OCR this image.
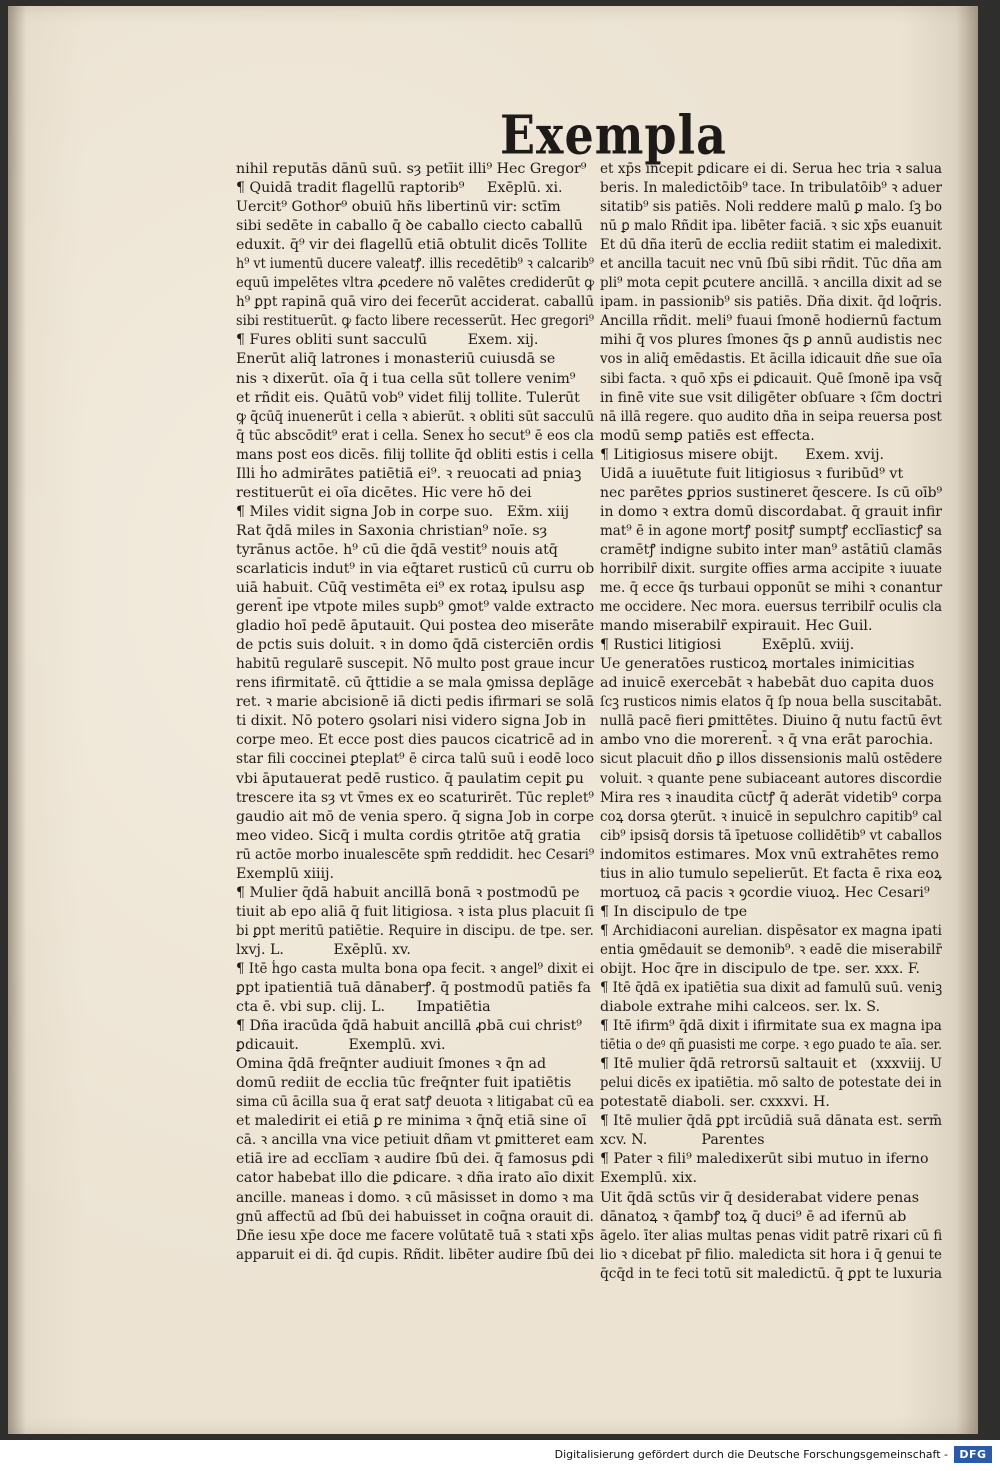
Exempla
nihil reputās dānū suū. sȝ petīit illi⁹ Hec Gregor⁹
¶ Quidā tradit flagellū raptorib⁹     Exēplū. xi.
Uercit⁹ Gothor⁹ obuiū hñs libertinū vir: sctīm
sibi sedēte in caballo q̄ ꝺe caballo ciecto caballū
eduxit. q̄⁹ vir dei flagellū etiā obtulit dicēs Tollite
h⁹ vt iumentū ducere valeatꝭ. illis recedētib⁹ ꝛ calcarib⁹
equū impelētes vltra ꝓcedere nō valētes crediderūt ꝙ
h⁹ ꝑpt rapinā quā viro dei fecerūt acciderat. caballū
sibi restituerūt. ꝙ facto libere recesserūt. Hec gregori⁹
¶ Fures obliti sunt sacculū         Exem. xij.
Enerūt aliq̄ latrones i monasteriū cuiusdā se
nis ꝛ dixerūt. oīa q̄ i tua cella sūt tollere venim⁹
et rñdit eis. Quātū vob⁹ videt filij tollite. Tulerūt
ꝙ q̄cūq̄ inuenerūt i cella ꝛ abierūt. ꝛ obliti sūt sacculū
q̄ tūc abscōdit⁹ erat i cella. Senex ḣo secut⁹ ē eos cla
mans post eos dicēs. filij tollite q̄d obliti estis i cella
Illi ḣo admirātes patiētiā ei⁹. ꝛ reuocati ad pniaꝫ
restituerūt ei oīa dicētes. Hic vere hō dei
¶ Miles vidit signa Job in corpe suo.   Ex̄m. xiij
Rat q̄dā miles in Saxonia christian⁹ noīe. sȝ
tyrānus actōe. h⁹ cū die q̄dā vestit⁹ nouis atq̄
scarlaticis indut⁹ in via eq̄taret rusticū cū curru ob
uiā habuit. Cūq̄ vestimēta ei⁹ ex rotaꝝ ipulsu asꝑ
gerent̄ ipe vtpote miles supb⁹ ꝯmot⁹ valde extracto
gladio hoī pedē āputauit. Qui postea deo miserāte
de pctis suis doluit. ꝛ in domo q̄dā cisterciēn ordis
habitū regularē suscepit. Nō multo post graue incur
rens ifirmitatē. cū q̄ttidie a se mala ꝯmissa deplāge
ret. ꝛ marie abcisionē iā dicti pedis ifirmari se solā
ti dixit. Nō potero ꝯsolari nisi videro signa Job in
corpe meo. Et ecce post dies paucos cicatricē ad in
star fili coccinei ꝑteplat⁹ ē circa talū suū i eodē loco
vbi āputauerat pedē rustico. q̄ paulatim cepit ꝑu
trescere ita sȝ vt v̄mes ex eo scaturirēt. Tūc replet⁹
gaudio ait mō de venia spero. q̄ signa Job in corpe
meo video. Sicq̄ i multa cordis ꝯtritōe atq̄ gratia
rū actōe morbo inualescēte spm̄ reddidit. hec Cesari⁹
Exemplū xiiij.
¶ Mulier q̄dā habuit ancillā bonā ꝛ postmodū pe
tiuit ab epo aliā q̄ fuit litigiosa. ꝛ ista plus placuit ſi
bi ꝑpt meritū patiētie. Require in discipu. de tpe. ser.
lxvj. L.           Exēplū. xv.
¶ Itē ḣgo casta multa bona opa fecit. ꝛ angel⁹ dixit ei
ꝑpt ipatientiā tuā dānaberꝭ. q̄ postmodū patiēs fa
cta ē. vbi sup. clij. L.       Impatiētia
¶ Dña iracūda q̄dā habuit ancillā ꝓbā cui christ⁹
ꝑdicauit.           Exemplū. xvi.
Omina q̄dā freq̄nter audiuit ſmones ꝛ q̄n ad
domū rediit de ecclia tūc freq̄nter fuit ipatiētis
sima cū ācilla sua q̄ erat satꝭ deuota ꝛ litigabat cū ea
et maledirit ei etiā ꝑ re minima ꝛ q̄nq̄ etiā sine oī
cā. ꝛ ancilla vna vice petiuit dñam vt ꝑmitteret eam
etiā ire ad ecclīam ꝛ audire ſbū dei. q̄ famosus ꝑdi
cator habebat illo die ꝑdicare. ꝛ dña irato aīo dixit
ancille. maneas i domo. ꝛ cū māsisset in domo ꝛ ma
gnū affectū ad ſbū dei habuisset in coq̄na orauit di.
Dñe iesu xp̄e doce me facere volūtatē tuā ꝛ stati xp̄s
apparuit ei di. q̄d cupis. Rñdit. libēter audire ſbū dei
et xp̄s incepit ꝑdicare ei di. Serua hec tria ꝛ salua
beris. In maledictōib⁹ tace. In tribulatōib⁹ ꝛ aduer
sitatib⁹ sis patiēs. Noli reddere malū ꝑ malo. ſꝫ bo
nū ꝑ malo Rñdit ipa. libēter faciā. ꝛ sic xp̄s euanuit
Et dū dña iterū de ecclia rediit statim ei maledixit.
et ancilla tacuit nec vnū ſbū sibi rñdit. Tūc dña am
pli⁹ mota cepit ꝑcutere ancillā. ꝛ ancilla dixit ad se
ipam. in passionib⁹ sis patiēs. Dña dixit. q̄d loq̄ris.
Ancilla rñdit. meli⁹ fuaui ſmonē hodiernū factum
mihi q̄ vos plures ſmones q̄s ꝑ annū audistis nec
vos in aliq̄ emēdastis. Et ācilla idicauit dñe sue oīa
sibi facta. ꝛ quō xp̄s ei ꝑdicauit. Quē ſmonē ipa vsq̄
in finē vite sue vsit diligēter obſuare ꝛ ſc̄m doctri
nā illā regere. quo audito dña in seipa reuersa post
modū semꝑ patiēs est effecta.
¶ Litigiosus misere obijt.      Exem. xvij.
Uidā a iuuētute fuit litigiosus ꝛ furibūd⁹ vt
nec parētes ꝑprios sustineret q̄escere. Is cū oīb⁹
in domo ꝛ extra domū discordabat. q̄ grauit infir
mat⁹ ē in agone mortꝭ positꝭ sumptꝭ ecclīasticꝭ sa
cramētꝭ indigne subito inter man⁹ astātiū clamās
horribilr̄ dixit. surgite offies arma accipite ꝛ iuuate
me. q̄ ecce q̄s turbaui opponūt se mihi ꝛ conantur
me occidere. Nec mora. euersus terribilr̄ oculis cla
mando miserabilr̄ expirauit. Hec Guil.
¶ Rustici litigiosi         Exēplū. xviij.
Ue generatōes rusticoꝝ mortales inimicitias
ad inuicē exercebāt ꝛ habebāt duo capita duos
ſcꝫ rusticos nimis elatos q̄ ſp noua bella suscitabāt.
nullā pacē fieri ꝑmittētes. Diuino q̄ nutu factū ēvt
ambo vno die morerent̄. ꝛ q̄ vna erāt parochia.
sicut placuit dño ꝑ illos dissensionis malū ostēdere
voluit. ꝛ quante pene subiaceant autores discordie
Mira res ꝛ inaudita cūctꝭ q̄ aderāt videtib⁹ corpa
coꝝ dorsa ꝯterūt. ꝛ inuicē in sepulchro capitib⁹ cal
cib⁹ ipsisq̄ dorsis tā īpetuose collidētib⁹ vt caballos
indomitos estimares. Mox vnū extrahētes remo
tius in alio tumulo sepelierūt. Et facta ē rixa eoꝝ
mortuoꝝ cā pacis ꝛ ꝯcordie viuoꝝ. Hec Cesari⁹
¶ In discipulo de tpe
¶ Archidiaconi aurelian. dispēsator ex magna ipati
entia ꝯmēdauit se demonib⁹. ꝛ eadē die miserabilr̄
obijt. Hoc q̄re in discipulo de tpe. ser. xxx. F.
¶ Itē q̄dā ex ipatiētia sua dixit ad famulū suū. veniꝫ
diabole extrahe mihi calceos. ser. lx. S.
¶ Itē ifirm⁹ q̄dā dixit i ifirmitate sua ex magna ipa
tiētia o deꝰ qñ ꝑuasisti me corpe. ꝛ ego ꝑuado te aīa. ser.
¶ Itē mulier q̄dā retrorsū saltauit et   (xxxviij. U
pelui dicēs ex ipatiētia. mō salto de potestate dei in
potestatē diaboli. ser. cxxxvi. H.
¶ Itē mulier q̄dā ꝑpt ircūdiā suā dānata est. serm̄
xcv. N.            Parentes
¶ Pater ꝛ fili⁹ maledixerūt sibi mutuo in iferno
Exemplū. xix.
Uit q̄dā sctūs vir q̄ desiderabat videre penas
dānatoꝝ ꝛ q̄ambꝭ toꝝ q̄ duci⁹ ē ad ifernū ab
āgelo. īter alias multas penas vidit patrē rixari cū fi
lio ꝛ dicebat pr̄ filio. maledicta sit hora i q̄ genui te
q̄cq̄d in te feci totū sit maledictū. q̄ ꝑpt te luxuria
Digitalisierung gefördert durch die Deutsche Forschungsgemeinschaft -	DFG
